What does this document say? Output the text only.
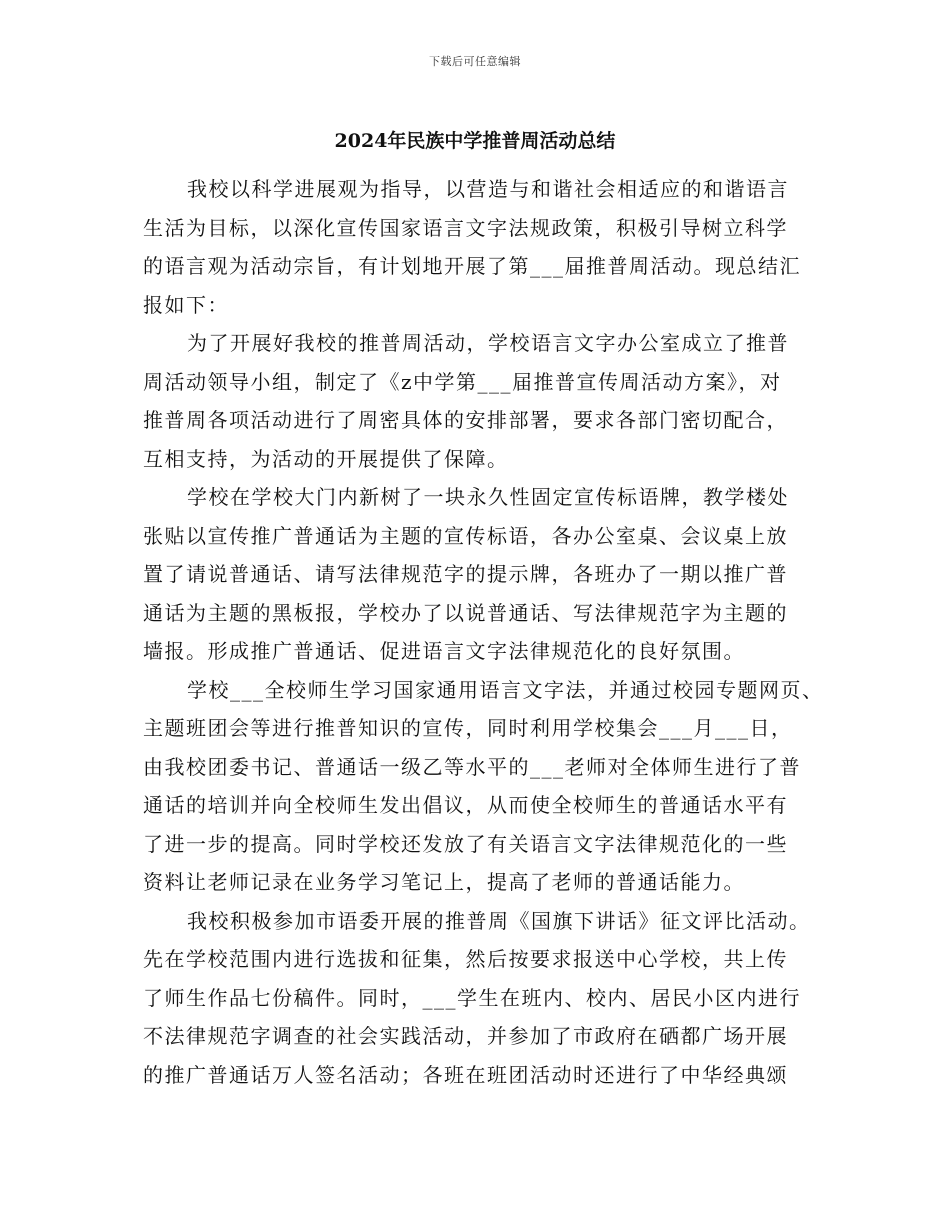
下载后可任意编辑
2024年民族中学推普周活动总结
我校以科学进展观为指导，以营造与和谐社会相适应的和谐语言
生活为目标，以深化宣传国家语言文字法规政策，积极引导树立科学
的语言观为活动宗旨，有计划地开展了第___届推普周活动。现总结汇
报如下：
为了开展好我校的推普周活动，学校语言文字办公室成立了推普
周活动领导小组，制定了《z中学第___届推普宣传周活动方案》，对
推普周各项活动进行了周密具体的安排部署，要求各部门密切配合，
互相支持，为活动的开展提供了保障。
学校在学校大门内新树了一块永久性固定宣传标语牌，教学楼处
张贴以宣传推广普通话为主题的宣传标语，各办公室桌、会议桌上放
置了请说普通话、请写法律规范字的提示牌，各班办了一期以推广普
通话为主题的黑板报，学校办了以说普通话、写法律规范字为主题的
墙报。形成推广普通话、促进语言文字法律规范化的良好氛围。
学校___全校师生学习国家通用语言文字法，并通过校园专题网页、
主题班团会等进行推普知识的宣传，同时利用学校集会___月___日，
由我校团委书记、普通话一级乙等水平的___老师对全体师生进行了普
通话的培训并向全校师生发出倡议，从而使全校师生的普通话水平有
了进一步的提高。同时学校还发放了有关语言文字法律规范化的一些
资料让老师记录在业务学习笔记上，提高了老师的普通话能力。
我校积极参加市语委开展的推普周《国旗下讲话》征文评比活动。
先在学校范围内进行选拔和征集，然后按要求报送中心学校，共上传
了师生作品七份稿件。同时，___学生在班内、校内、居民小区内进行
不法律规范字调查的社会实践活动，并参加了市政府在硒都广场开展
的推广普通话万人签名活动；各班在班团活动时还进行了中华经典颂
